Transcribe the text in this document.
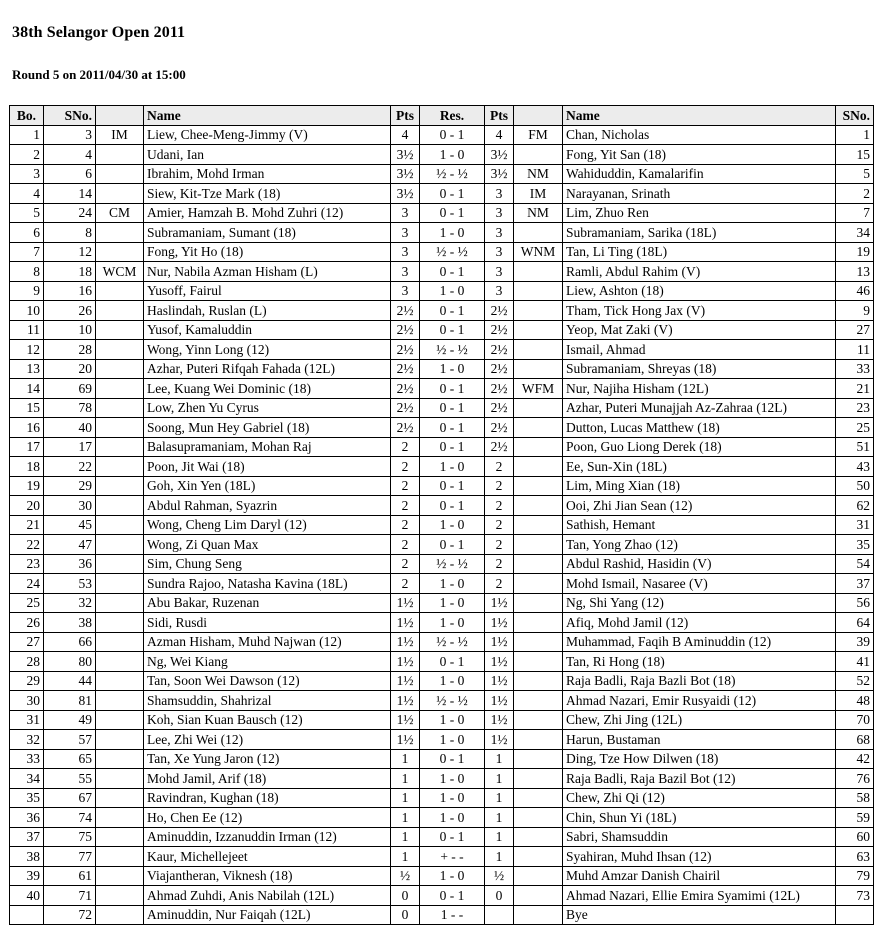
38th Selangor Open 2011
Round 5 on 2011/04/30 at 15:00
Bo.	SNo.		Name	Pts	Res.	Pts		Name	SNo.
1	3	IM	Liew, Chee-Meng-Jimmy (V)	4	0 - 1	4	FM	Chan, Nicholas	1
2	4		Udani, Ian	3½	1 - 0	3½		Fong, Yit San (18)	15
3	6		Ibrahim, Mohd Irman	3½	½ - ½	3½	NM	Wahiduddin, Kamalarifin	5
4	14		Siew, Kit-Tze Mark (18)	3½	0 - 1	3	IM	Narayanan, Srinath	2
5	24	CM	Amier, Hamzah B. Mohd Zuhri (12)	3	0 - 1	3	NM	Lim, Zhuo Ren	7
6	8		Subramaniam, Sumant (18)	3	1 - 0	3		Subramaniam, Sarika (18L)	34
7	12		Fong, Yit Ho (18)	3	½ - ½	3	WNM	Tan, Li Ting (18L)	19
8	18	WCM	Nur, Nabila Azman Hisham (L)	3	0 - 1	3		Ramli, Abdul Rahim (V)	13
9	16		Yusoff, Fairul	3	1 - 0	3		Liew, Ashton (18)	46
10	26		Haslindah, Ruslan (L)	2½	0 - 1	2½		Tham, Tick Hong Jax (V)	9
11	10		Yusof, Kamaluddin	2½	0 - 1	2½		Yeop, Mat Zaki (V)	27
12	28		Wong, Yinn Long (12)	2½	½ - ½	2½		Ismail, Ahmad	11
13	20		Azhar, Puteri Rifqah Fahada (12L)	2½	1 - 0	2½		Subramaniam, Shreyas (18)	33
14	69		Lee, Kuang Wei Dominic (18)	2½	0 - 1	2½	WFM	Nur, Najiha Hisham (12L)	21
15	78		Low, Zhen Yu Cyrus	2½	0 - 1	2½		Azhar, Puteri Munajjah Az-Zahraa (12L)	23
16	40		Soong, Mun Hey Gabriel (18)	2½	0 - 1	2½		Dutton, Lucas Matthew (18)	25
17	17		Balasupramaniam, Mohan Raj	2	0 - 1	2½		Poon, Guo Liong Derek (18)	51
18	22		Poon, Jit Wai (18)	2	1 - 0	2		Ee, Sun-Xin (18L)	43
19	29		Goh, Xin Yen (18L)	2	0 - 1	2		Lim, Ming Xian (18)	50
20	30		Abdul Rahman, Syazrin	2	0 - 1	2		Ooi, Zhi Jian Sean (12)	62
21	45		Wong, Cheng Lim Daryl (12)	2	1 - 0	2		Sathish, Hemant	31
22	47		Wong, Zi Quan Max	2	0 - 1	2		Tan, Yong Zhao (12)	35
23	36		Sim, Chung Seng	2	½ - ½	2		Abdul Rashid, Hasidin (V)	54
24	53		Sundra Rajoo, Natasha Kavina (18L)	2	1 - 0	2		Mohd Ismail, Nasaree (V)	37
25	32		Abu Bakar, Ruzenan	1½	1 - 0	1½		Ng, Shi Yang (12)	56
26	38		Sidi, Rusdi	1½	1 - 0	1½		Afiq, Mohd Jamil (12)	64
27	66		Azman Hisham, Muhd Najwan (12)	1½	½ - ½	1½		Muhammad, Faqih B Aminuddin (12)	39
28	80		Ng, Wei Kiang	1½	0 - 1	1½		Tan, Ri Hong (18)	41
29	44		Tan, Soon Wei Dawson (12)	1½	1 - 0	1½		Raja Badli, Raja Bazli Bot (18)	52
30	81		Shamsuddin, Shahrizal	1½	½ - ½	1½		Ahmad Nazari, Emir Rusyaidi (12)	48
31	49		Koh, Sian Kuan Bausch (12)	1½	1 - 0	1½		Chew, Zhi Jing (12L)	70
32	57		Lee, Zhi Wei (12)	1½	1 - 0	1½		Harun, Bustaman	68
33	65		Tan, Xe Yung Jaron (12)	1	0 - 1	1		Ding, Tze How Dilwen (18)	42
34	55		Mohd Jamil, Arif (18)	1	1 - 0	1		Raja Badli, Raja Bazil Bot (12)	76
35	67		Ravindran, Kughan (18)	1	1 - 0	1		Chew, Zhi Qi (12)	58
36	74		Ho, Chen Ee (12)	1	1 - 0	1		Chin, Shun Yi (18L)	59
37	75		Aminuddin, Izzanuddin Irman (12)	1	0 - 1	1		Sabri, Shamsuddin	60
38	77		Kaur, Michellejeet	1	+ - -	1		Syahiran, Muhd Ihsan (12)	63
39	61		Viajantheran, Viknesh (18)	½	1 - 0	½		Muhd Amzar Danish Chairil	79
40	71		Ahmad Zuhdi, Anis Nabilah (12L)	0	0 - 1	0		Ahmad Nazari, Ellie Emira Syamimi (12L)	73
	72		Aminuddin, Nur Faiqah (12L)	0	1 - -			Bye	
